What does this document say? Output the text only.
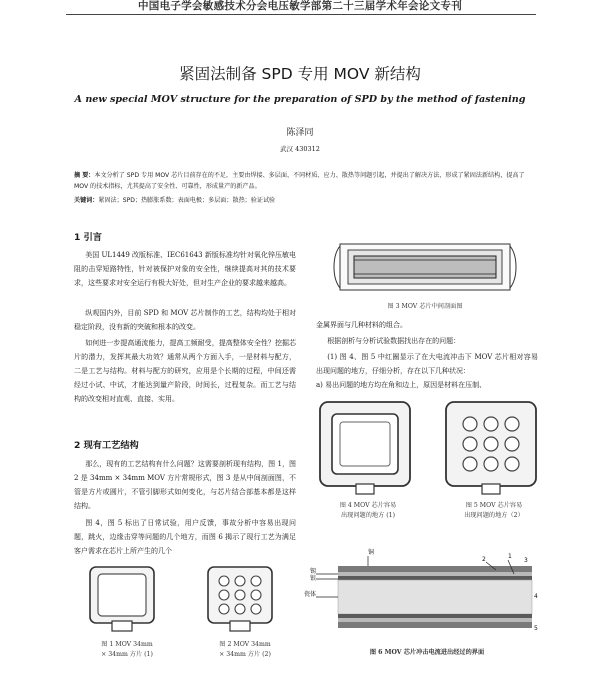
中国电子学会敏感技术分会电压敏学部第二十三届学术年会论文专刊
紧固法制备 SPD 专用 MOV 新结构
A new special MOV structure for the preparation of SPD by the method of fastening
陈泽同
武汉 430312
摘 要：本文分析了 SPD 专用 MOV 芯片目前存在的不足，主要由焊接、多层面、不同材质、应力、散热等问题引起，并提出了解决方法，形成了紧固法新结构，提高了 MOV 的技术指标，尤其提高了安全性、可靠性，形成量产的新产品。
关键词：紧固法；SPD；热膨胀系数；表面电极；多层面；散热；验证试验
1 引言
美国 UL1449 改版标准、IEC61643 新版标准均针对氧化锌压敏电阻的击穿短路特性，针对被保护对象的安全性，继续提高对其的技术要求，这些要求对安全运行有极大好处，但对生产企业的要求越来越高。
纵观国内外，目前 SPD 和 MOV 芯片制作的工艺，结构均处于相对稳定阶段，没有新的突破和根本的改变。
如何进一步提高通流能力，提高工频耐受，提高整体安全性？挖掘芯片的潜力，发挥其最大功效？通常从两个方面入手，一是材料与配方，二是工艺与结构。材料与配方的研究，应用是个长期的过程，中间还需经过小试、中试，才能达到量产阶段，时间长，过程复杂。而工艺与结构的改变相对直观、直接、实用。
2 现有工艺结构
那么，现有的工艺结构有什么问题？这需要剖析现有结构，图 1，图 2 是 34mm × 34mm MOV 方片常规形式，图 3 是从中间剖面图，不管是方片或圆片，不管引脚形式如何变化，与芯片结合部基本都是这样结构。
图 4，图 5 标出了日常试验，用户反馈，事故分析中容易出现问题，跳火，边缘击穿等问题的几个地方，而图 6 揭示了现行工艺为满足客户需求在芯片上所产生的几个
图 1 MOV 34mm
× 34mm 方片 (1)
图 2 MOV 34mm
× 34mm 方片 (2)
图 3 MOV 芯片中间剖面图
金属界面与几种材料的组合。
根据剖析与分析试验数据找出存在的问题：
(1) 图 4、图 5 中红圈显示了在大电流冲击下 MOV 芯片相对容易出现问题的地方，仔细分析，存在以下几种状况：
a) 易出问题的地方均在角和边上，原因是材料在压制、
图 4 MOV 芯片容易
出现问题的地方 (1)
图 5 MOV 芯片容易
出现问题的地方（2）
铜
锡
银
瓷体
2	1
3
4
5
图 6 MOV 芯片冲击电流进出经过的界面
